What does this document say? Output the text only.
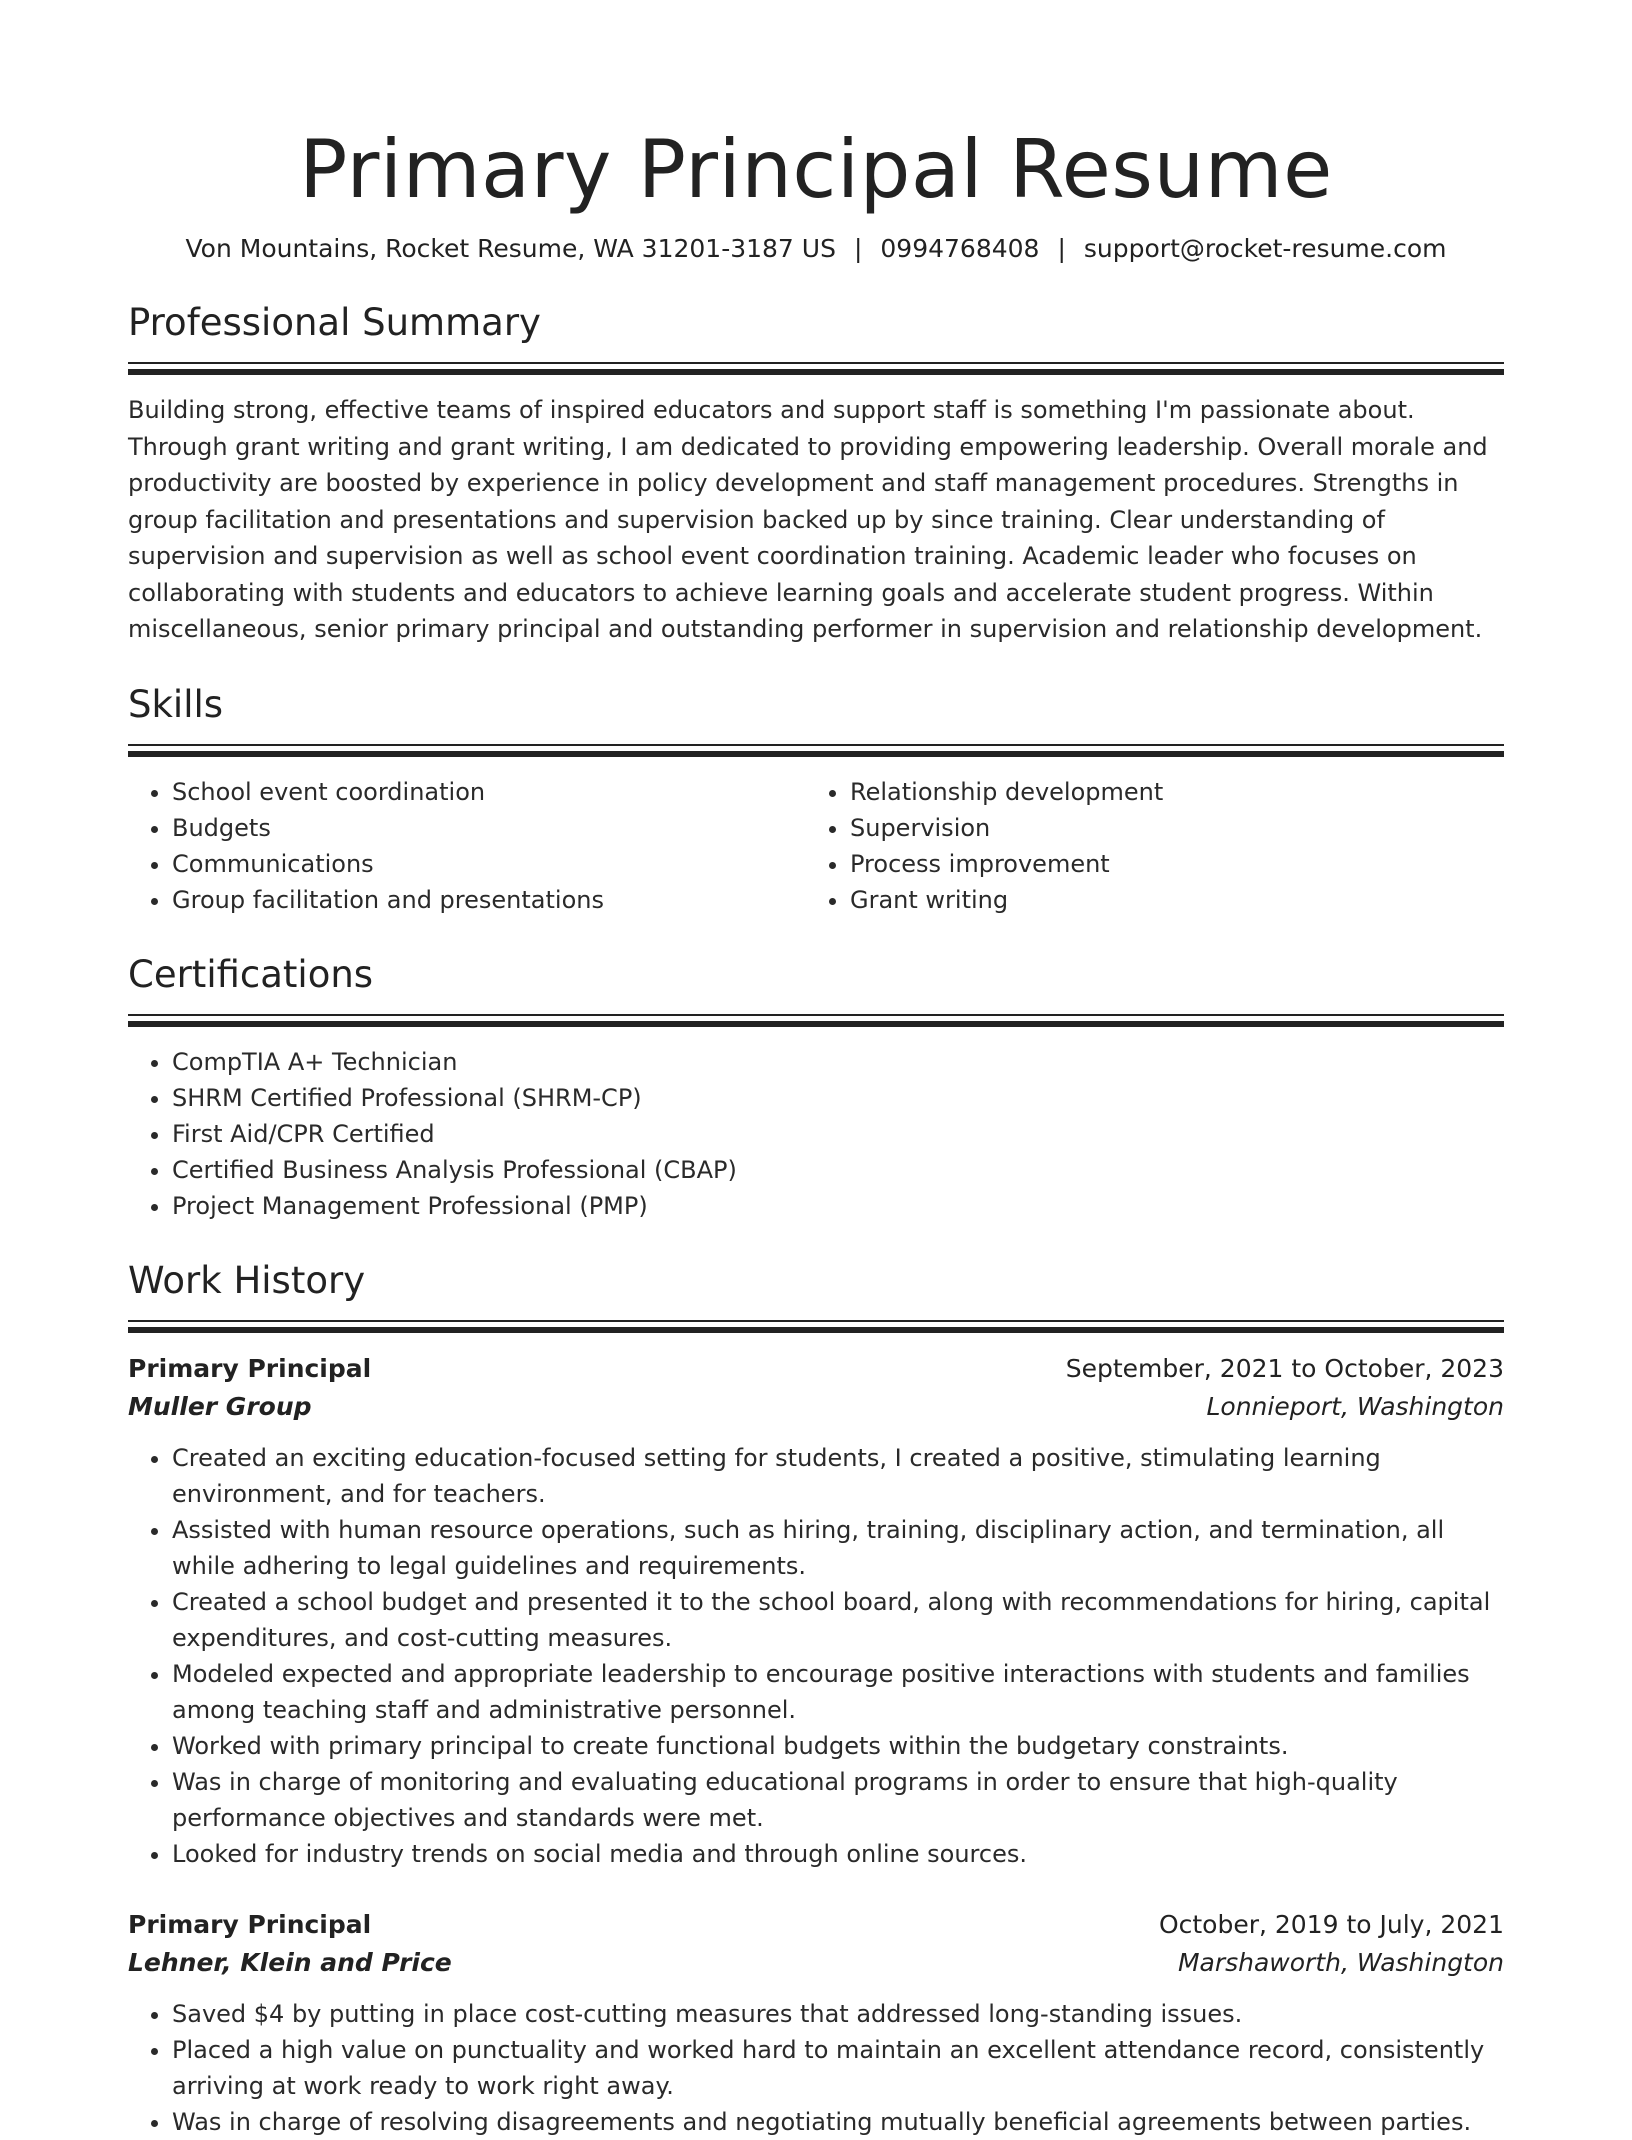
Primary Principal Resume
Von Mountains, Rocket Resume, WA 31201-3187 US | 0994768408 | support@rocket-resume.com
Professional Summary
Building strong, effective teams of inspired educators and support staff is something I'm passionate about. Through grant writing and grant writing, I am dedicated to providing empowering leadership. Overall morale and productivity are boosted by experience in policy development and staff management procedures. Strengths in group facilitation and presentations and supervision backed up by since training. Clear understanding of supervision and supervision as well as school event coordination training. Academic leader who focuses on collaborating with students and educators to achieve learning goals and accelerate student progress. Within miscellaneous, senior primary principal and outstanding performer in supervision and relationship development.
Skills
• School event coordination
• Budgets
• Communications
• Group facilitation and presentations
• Relationship development
• Supervision
• Process improvement
• Grant writing
Certifications
• CompTIA A+ Technician
• SHRM Certified Professional (SHRM-CP)
• First Aid/CPR Certified
• Certified Business Analysis Professional (CBAP)
• Project Management Professional (PMP)
Work History
Primary Principal	September, 2021 to October, 2023
Muller Group	Lonnieport, Washington
• Created an exciting education-focused setting for students, I created a positive, stimulating learning environment, and for teachers.
• Assisted with human resource operations, such as hiring, training, disciplinary action, and termination, all while adhering to legal guidelines and requirements.
• Created a school budget and presented it to the school board, along with recommendations for hiring, capital expenditures, and cost-cutting measures.
• Modeled expected and appropriate leadership to encourage positive interactions with students and families among teaching staff and administrative personnel.
• Worked with primary principal to create functional budgets within the budgetary constraints.
• Was in charge of monitoring and evaluating educational programs in order to ensure that high-quality performance objectives and standards were met.
• Looked for industry trends on social media and through online sources.
Primary Principal	October, 2019 to July, 2021
Lehner, Klein and Price	Marshaworth, Washington
• Saved $4 by putting in place cost-cutting measures that addressed long-standing issues.
• Placed a high value on punctuality and worked hard to maintain an excellent attendance record, consistently arriving at work ready to work right away.
• Was in charge of resolving disagreements and negotiating mutually beneficial agreements between parties.
